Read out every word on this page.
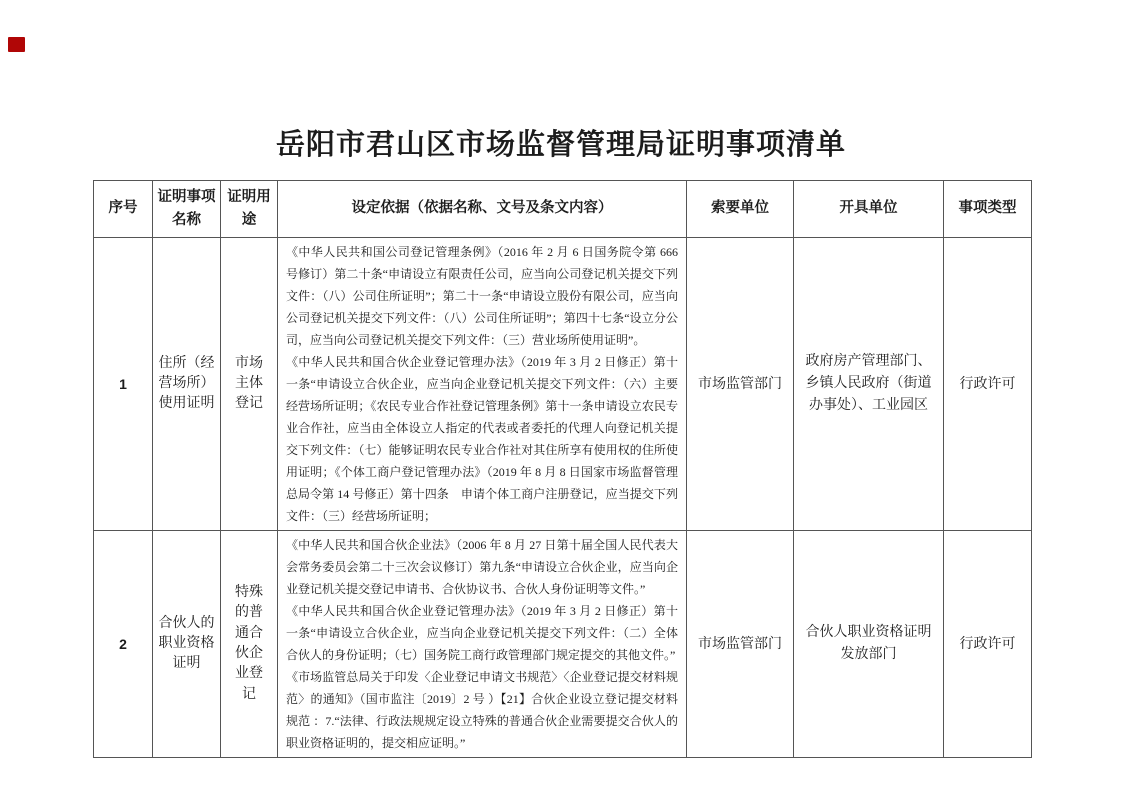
岳阳市君山区市场监督管理局证明事项清单
序号	证明事项名称	证明用途	设定依据（依据名称、文号及条文内容）	索要单位	开具单位	事项类型
1	住所（经营场所）使用证明	市场主体登记	《中华人民共和国公司登记管理条例》（2016 年 2 月 6 日国务院令第 666 号修订）第二十条“申请设立有限责任公司，应当向公司登记机关提交下列文件：（八）公司住所证明”；第二十一条“申请设立股份有限公司，应当向公司登记机关提交下列文件：（八）公司住所证明”；第四十七条“设立分公司，应当向公司登记机关提交下列文件：（三）营业场所使用证明”。

《中华人民共和国合伙企业登记管理办法》（2019 年 3 月 2 日修正）第十一条“申请设立合伙企业，应当向企业登记机关提交下列文件：（六）主要经营场所证明；《农民专业合作社登记管理条例》第十一条申请设立农民专业合作社，应当由全体设立人指定的代表或者委托的代理人向登记机关提交下列文件：（七）能够证明农民专业合作社对其住所享有使用权的住所使用证明；《个体工商户登记管理办法》（2019 年 8 月 8 日国家市场监督管理总局令第 14 号修正）第十四条　申请个体工商户注册登记，应当提交下列文件：（三）经营场所证明；	市场监管部门	政府房产管理部门、乡镇人民政府（街道办事处）、工业园区	行政许可
2	合伙人的职业资格证明	特殊的普通合伙企业登记	《中华人民共和国合伙企业法》（2006 年 8 月 27 日第十届全国人民代表大会常务委员会第二十三次会议修订）第九条“申请设立合伙企业，应当向企业登记机关提交登记申请书、合伙协议书、合伙人身份证明等文件。”

《中华人民共和国合伙企业登记管理办法》（2019 年 3 月 2 日修正）第十一条“申请设立合伙企业，应当向企业登记机关提交下列文件：（二）全体合伙人的身份证明；（七）国务院工商行政管理部门规定提交的其他文件。”

《市场监管总局关于印发〈企业登记申请文书规范〉〈企业登记提交材料规范〉的通知》（国市监注〔2019〕2 号 ）【21】合伙企业设立登记提交材料规范 ：7.“法律、行政法规规定设立特殊的普通合伙企业需要提交合伙人的职业资格证明的，提交相应证明。”	市场监管部门	合伙人职业资格证明发放部门	行政许可
